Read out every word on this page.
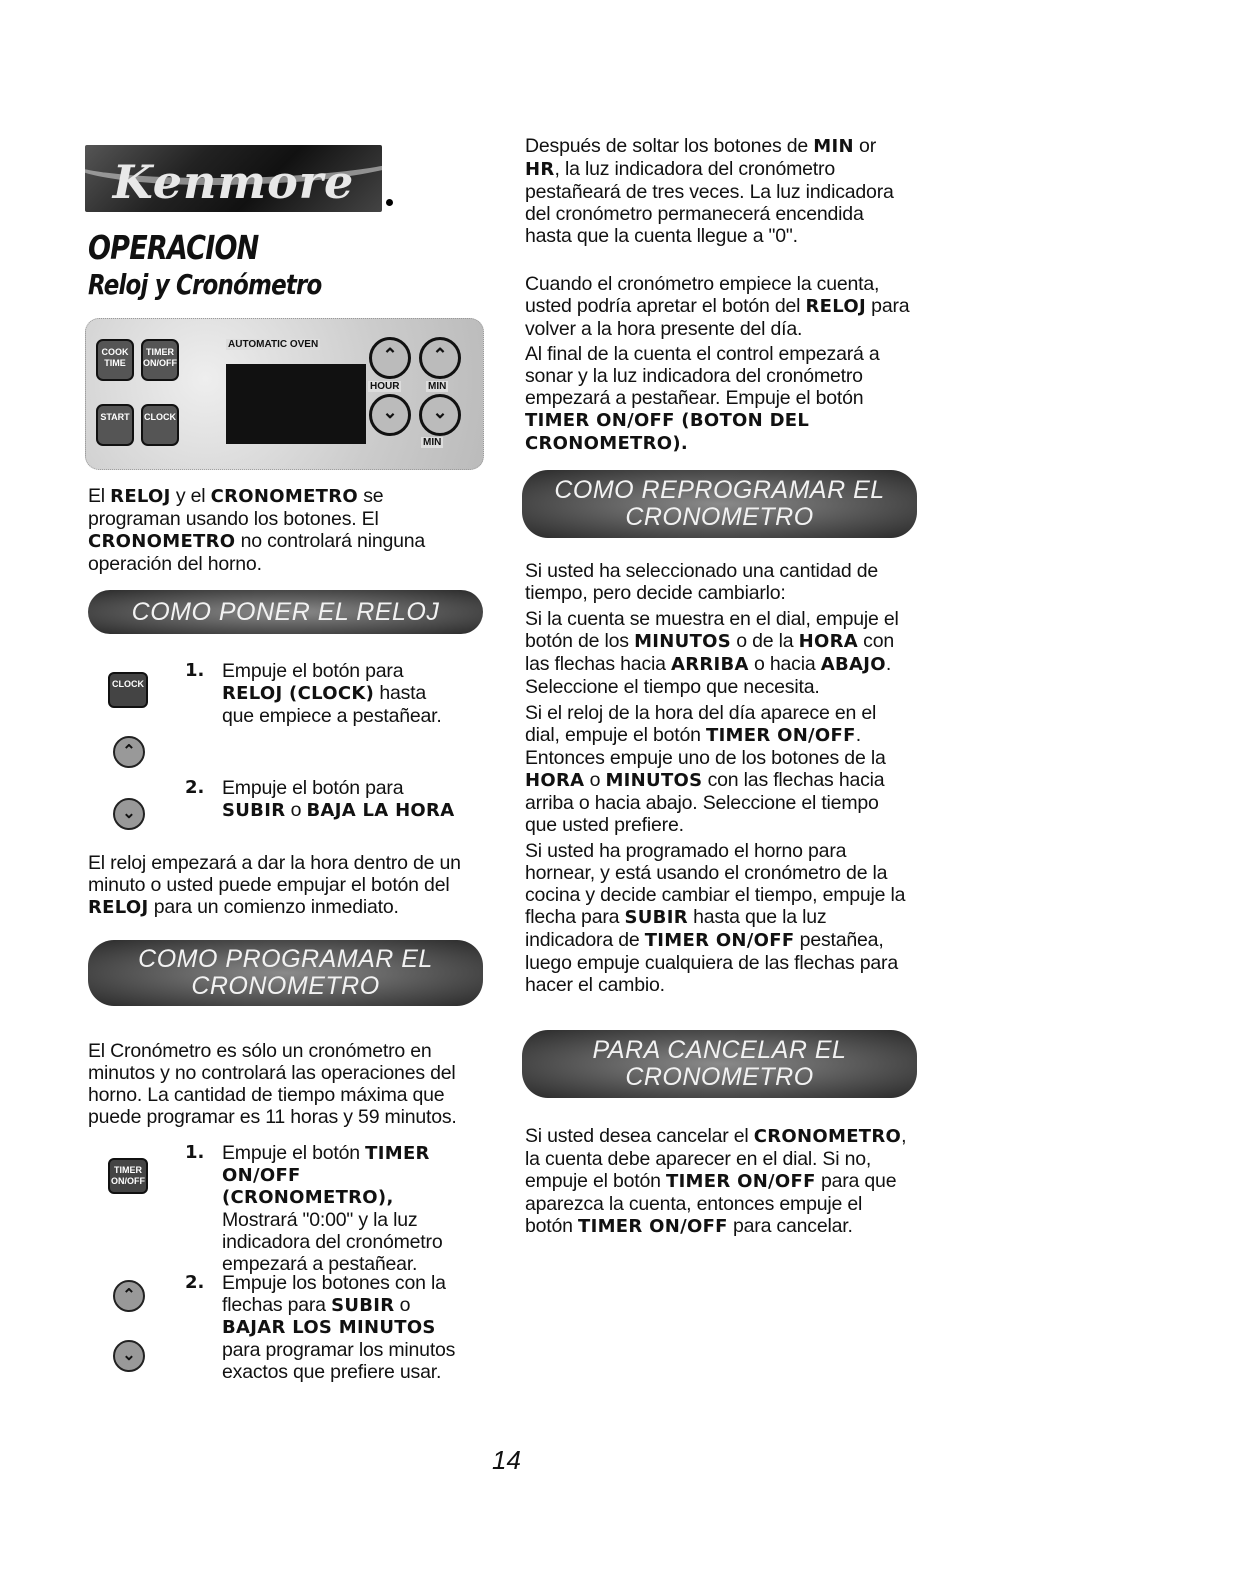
Kenmore
OPERACION
Reloj y Cronómetro
COOK TIME
TIMER ON/OFF
START	CLOCK
AUTOMATIC OVEN
⌃	⌃
HOUR	MIN
⌄	⌄
MIN

El RELOJ y el CRONOMETRO se programan usando los botones. El CRONOMETRO no controlará ninguna operación del horno.

COMO PONER EL RELOJ
CLOCK
1. Empuje el botón para
RELOJ (CLOCK) hasta
que empiece a pestañear.
⌃
⌄
2. Empuje el botón para
SUBIR o BAJA LA HORA

El reloj empezará a dar la hora dentro de un minuto o usted puede empujar el botón del RELOJ para un comienzo inmediato.

COMO PROGRAMAR EL
CRONOMETRO

El Cronómetro es sólo un cronómetro en minutos y no controlará las operaciones del horno. La cantidad de tiempo máxima que puede programar es 11 horas y 59 minutos.

TIMER ON/OFF
1. Empuje el botón TIMER
ON/OFF
(CRONOMETRO),
Mostrará "0:00" y la luz indicadora del cronómetro empezará a pestañear.
⌃
⌄
2. Empuje los botones con la flechas para SUBIR o
BAJAR LOS MINUTOS
para programar los minutos exactos que prefiere usar.

Después de soltar los botones de MIN or HR, la luz indicadora del cronómetro pestañeará de tres veces. La luz indicadora del cronómetro permanecerá encendida hasta que la cuenta llegue a "0".

Cuando el cronómetro empiece la cuenta, usted podría apretar el botón del RELOJ para volver a la hora presente del día.

Al final de la cuenta el control empezará a sonar y la luz indicadora del cronómetro empezará a pestañear. Empuje el botón TIMER ON/OFF (BOTON DEL CRONOMETRO).

COMO REPROGRAMAR EL
CRONOMETRO

Si usted ha seleccionado una cantidad de tiempo, pero decide cambiarlo:

Si la cuenta se muestra en el dial, empuje el botón de los MINUTOS o de la HORA con las flechas hacia ARRIBA o hacia ABAJO. Seleccione el tiempo que necesita.

Si el reloj de la hora del día aparece en el dial, empuje el botón TIMER ON/OFF. Entonces empuje uno de los botones de la HORA o MINUTOS con las flechas hacia arriba o hacia abajo. Seleccione el tiempo que usted prefiere.

Si usted ha programado el horno para hornear, y está usando el cronómetro de la cocina y decide cambiar el tiempo, empuje la flecha para SUBIR hasta que la luz indicadora de TIMER ON/OFF pestañea, luego empuje cualquiera de las flechas para hacer el cambio.

PARA CANCELAR EL
CRONOMETRO

Si usted desea cancelar el CRONOMETRO, la cuenta debe aparecer en el dial. Si no, empuje el botón TIMER ON/OFF para que aparezca la cuenta, entonces empuje el botón TIMER ON/OFF para cancelar.

14
